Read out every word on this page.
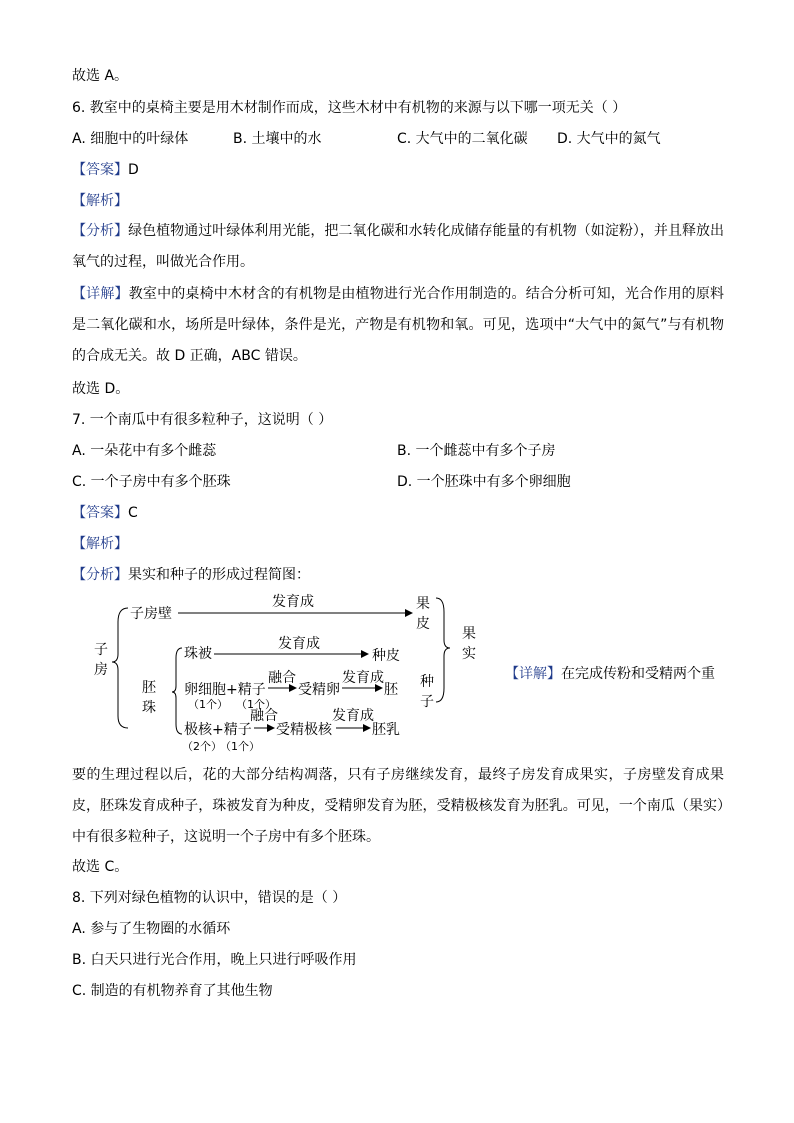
故选 A。
6. 教室中的桌椅主要是用木材制作而成，这些木材中有机物的来源与以下哪一项无关（ ）
A. 细胞中的叶绿体	B. 土壤中的水	C. 大气中的二氧化碳 D. 大气中的氮气
【答案】D
【解析】
【分析】绿色植物通过叶绿体利用光能，把二氧化碳和水转化成储存能量的有机物（如淀粉），并且释放出氧气的过程，叫做光合作用。
【详解】教室中的桌椅中木材含的有机物是由植物进行光合作用制造的。结合分析可知，光合作用的原料是二氧化碳和水，场所是叶绿体，条件是光，产物是有机物和氧。可见，选项中“大气中的氮气”与有机物的合成无关。故 D 正确，ABC 错误。
故选 D。
7. 一个南瓜中有很多粒种子，这说明（ ）
A. 一朵花中有多个雌蕊	B. 一个雌蕊中有多个子房
C. 一个子房中有多个胚珠	D. 一个胚珠中有多个卵细胞
【答案】C
【解析】
【分析】果实和种子的形成过程简图：
子
房
子房壁
发育成	果
皮
果
实
胚
珠
珠被
发育成
种皮
种
子
卵细胞+精子
（1个） （1个）
融合
受精卵
发育成
胚
极核+精子
（2个）
（1个）
融合
受精极核
发育成
胚乳
【详解】在完成传粉和受精两个重
要的生理过程以后，花的大部分结构凋落，只有子房继续发育，最终子房发育成果实，子房壁发育成果皮，胚珠发育成种子，珠被发育为种皮，受精卵发育为胚，受精极核发育为胚乳。可见，一个南瓜（果实）中有很多粒种子，这说明一个子房中有多个胚珠。
故选 C。
8. 下列对绿色植物的认识中，错误的是（ ）
A. 参与了生物圈的水循环
B. 白天只进行光合作用，晚上只进行呼吸作用
C. 制造的有机物养育了其他生物
